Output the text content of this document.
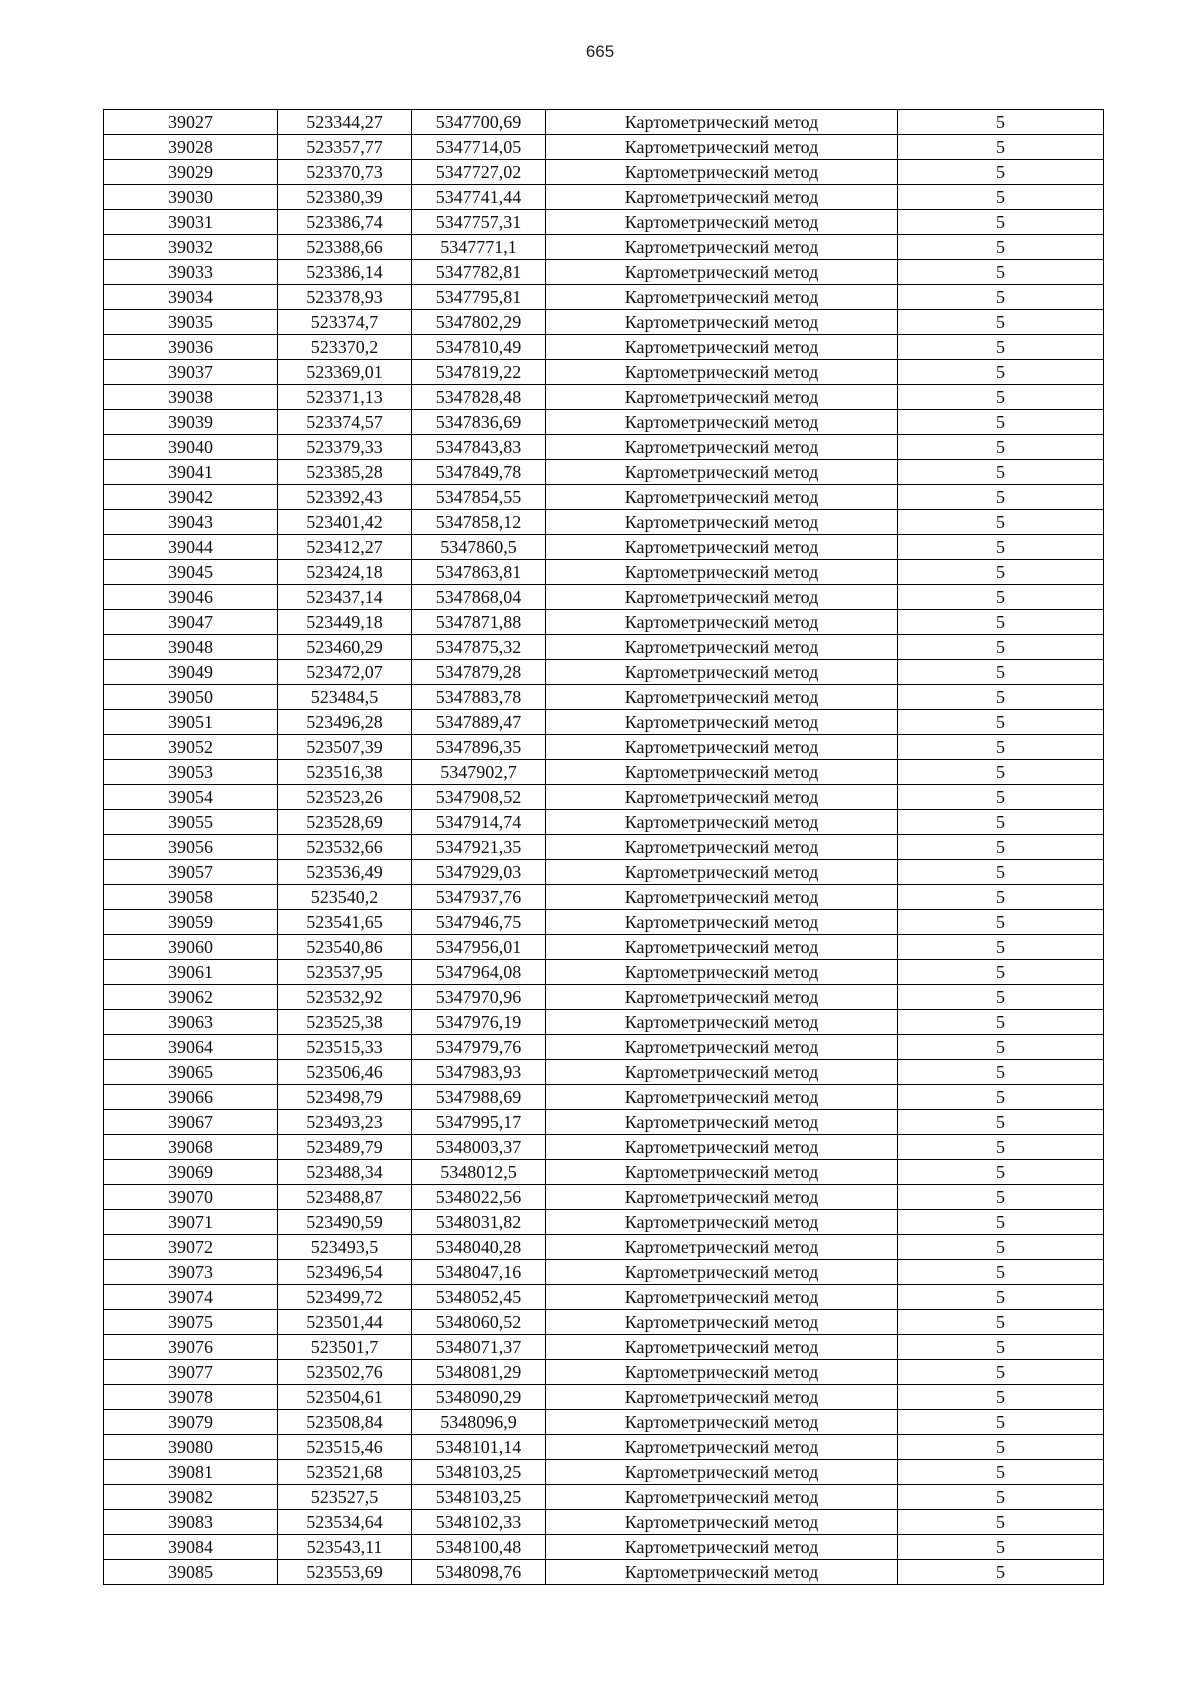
665
39027	523344,27	5347700,69	Картометрический метод	5
39028	523357,77	5347714,05	Картометрический метод	5
39029	523370,73	5347727,02	Картометрический метод	5
39030	523380,39	5347741,44	Картометрический метод	5
39031	523386,74	5347757,31	Картометрический метод	5
39032	523388,66	5347771,1	Картометрический метод	5
39033	523386,14	5347782,81	Картометрический метод	5
39034	523378,93	5347795,81	Картометрический метод	5
39035	523374,7	5347802,29	Картометрический метод	5
39036	523370,2	5347810,49	Картометрический метод	5
39037	523369,01	5347819,22	Картометрический метод	5
39038	523371,13	5347828,48	Картометрический метод	5
39039	523374,57	5347836,69	Картометрический метод	5
39040	523379,33	5347843,83	Картометрический метод	5
39041	523385,28	5347849,78	Картометрический метод	5
39042	523392,43	5347854,55	Картометрический метод	5
39043	523401,42	5347858,12	Картометрический метод	5
39044	523412,27	5347860,5	Картометрический метод	5
39045	523424,18	5347863,81	Картометрический метод	5
39046	523437,14	5347868,04	Картометрический метод	5
39047	523449,18	5347871,88	Картометрический метод	5
39048	523460,29	5347875,32	Картометрический метод	5
39049	523472,07	5347879,28	Картометрический метод	5
39050	523484,5	5347883,78	Картометрический метод	5
39051	523496,28	5347889,47	Картометрический метод	5
39052	523507,39	5347896,35	Картометрический метод	5
39053	523516,38	5347902,7	Картометрический метод	5
39054	523523,26	5347908,52	Картометрический метод	5
39055	523528,69	5347914,74	Картометрический метод	5
39056	523532,66	5347921,35	Картометрический метод	5
39057	523536,49	5347929,03	Картометрический метод	5
39058	523540,2	5347937,76	Картометрический метод	5
39059	523541,65	5347946,75	Картометрический метод	5
39060	523540,86	5347956,01	Картометрический метод	5
39061	523537,95	5347964,08	Картометрический метод	5
39062	523532,92	5347970,96	Картометрический метод	5
39063	523525,38	5347976,19	Картометрический метод	5
39064	523515,33	5347979,76	Картометрический метод	5
39065	523506,46	5347983,93	Картометрический метод	5
39066	523498,79	5347988,69	Картометрический метод	5
39067	523493,23	5347995,17	Картометрический метод	5
39068	523489,79	5348003,37	Картометрический метод	5
39069	523488,34	5348012,5	Картометрический метод	5
39070	523488,87	5348022,56	Картометрический метод	5
39071	523490,59	5348031,82	Картометрический метод	5
39072	523493,5	5348040,28	Картометрический метод	5
39073	523496,54	5348047,16	Картометрический метод	5
39074	523499,72	5348052,45	Картометрический метод	5
39075	523501,44	5348060,52	Картометрический метод	5
39076	523501,7	5348071,37	Картометрический метод	5
39077	523502,76	5348081,29	Картометрический метод	5
39078	523504,61	5348090,29	Картометрический метод	5
39079	523508,84	5348096,9	Картометрический метод	5
39080	523515,46	5348101,14	Картометрический метод	5
39081	523521,68	5348103,25	Картометрический метод	5
39082	523527,5	5348103,25	Картометрический метод	5
39083	523534,64	5348102,33	Картометрический метод	5
39084	523543,11	5348100,48	Картометрический метод	5
39085	523553,69	5348098,76	Картометрический метод	5
